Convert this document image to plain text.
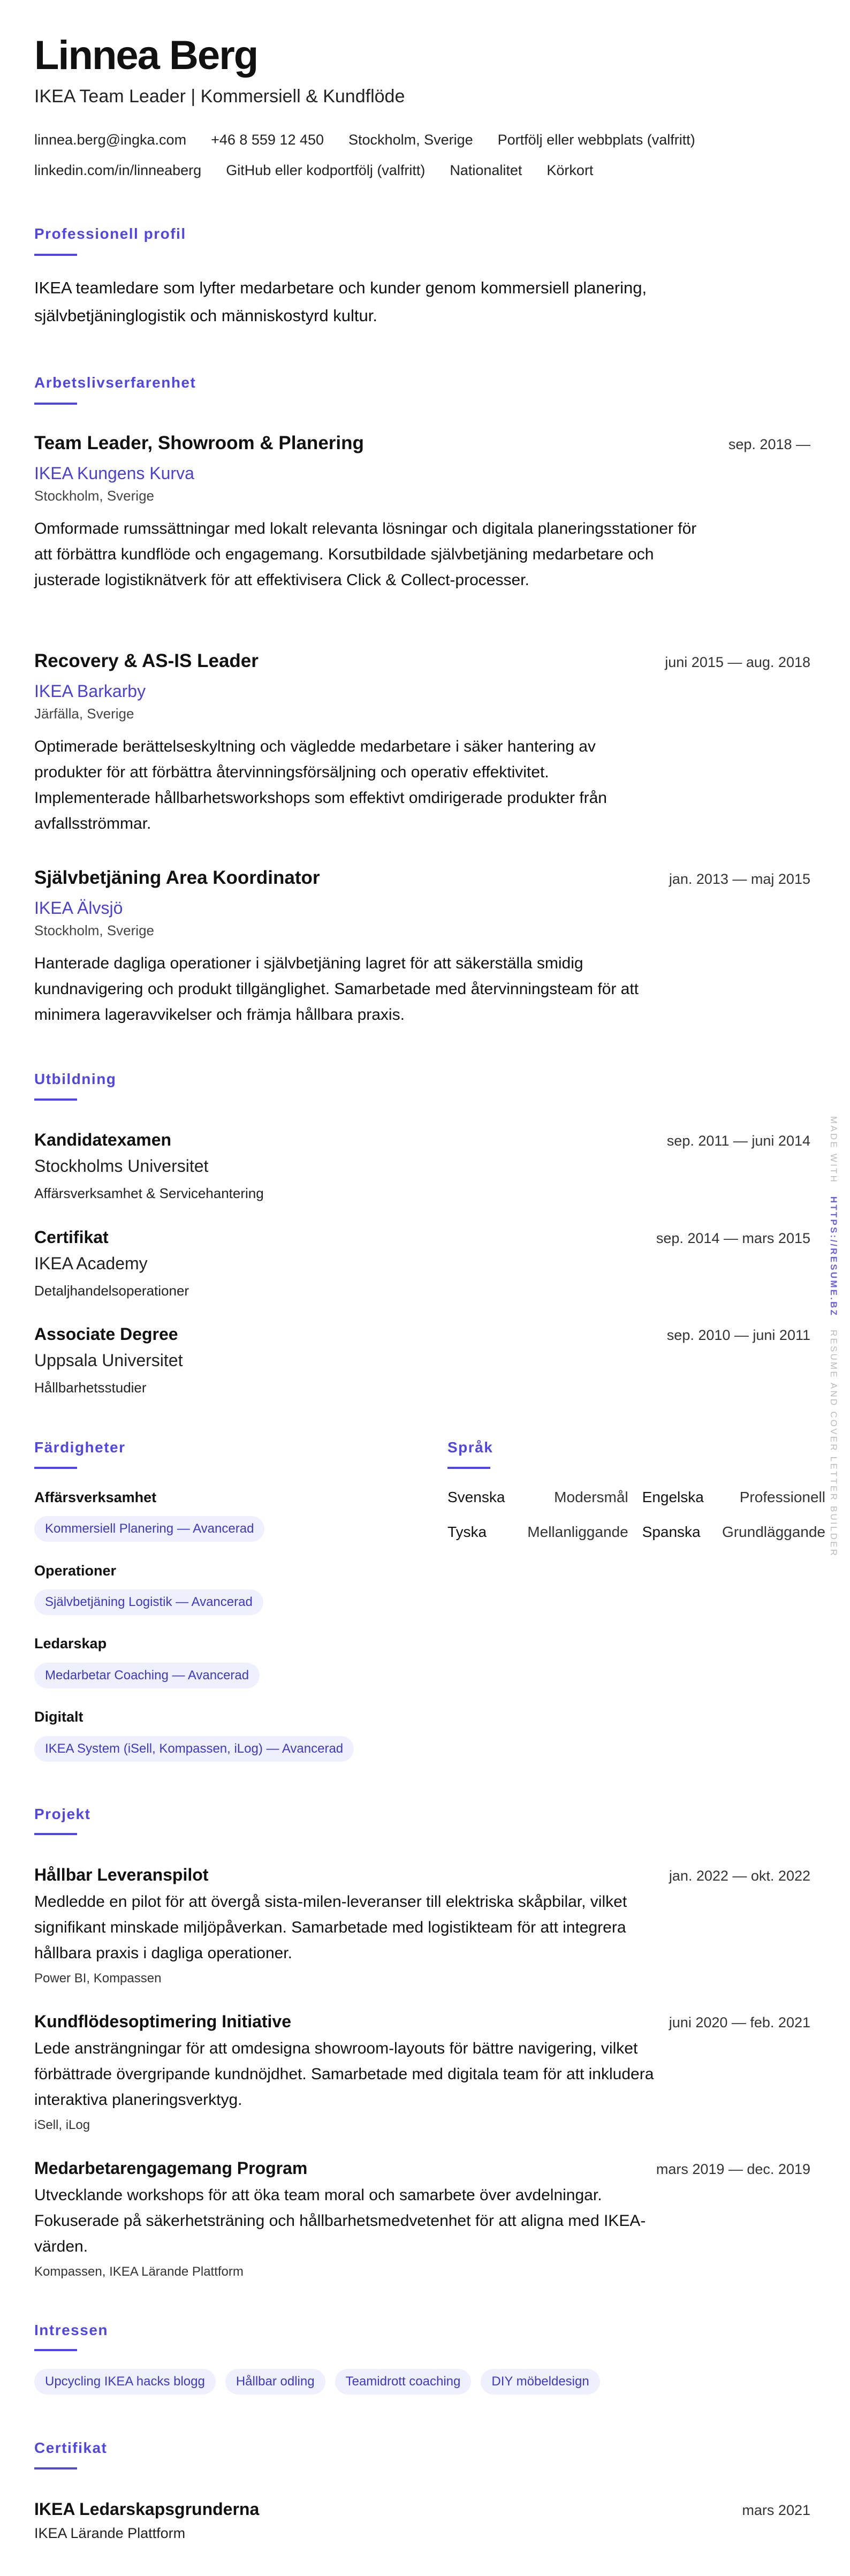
Linnea Berg
IKEA Team Leader | Kommersiell & Kundflöde
linnea.berg@ingka.com +46 8 559 12 450 Stockholm, Sverige Portfölj eller webbplats (valfritt)
linkedin.com/in/linneaberg GitHub eller kodportfölj (valfritt) Nationalitet Körkort
Professionell profil
IKEA teamledare som lyfter medarbetare och kunder genom kommersiell planering, självbetjäninglogistik och människostyrd kultur.
Arbetslivserfarenhet
Team Leader, Showroom & Planering	sep. 2018 —
IKEA Kungens Kurva
Stockholm, Sverige
Omformade rumssättningar med lokalt relevanta lösningar och digitala planeringsstationer för att förbättra kundflöde och engagemang. Korsutbildade självbetjäning medarbetare och justerade logistiknätverk för att effektivisera Click & Collect-processer.
Recovery & AS-IS Leader	juni 2015 — aug. 2018
IKEA Barkarby
Järfälla, Sverige
Optimerade berättelseskyltning och vägledde medarbetare i säker hantering av produkter för att förbättra återvinningsförsäljning och operativ effektivitet. Implementerade hållbarhetsworkshops som effektivt omdirigerade produkter från avfallsströmmar.
Självbetjäning Area Koordinator	jan. 2013 — maj 2015
IKEA Älvsjö
Stockholm, Sverige
Hanterade dagliga operationer i självbetjäning lagret för att säkerställa smidig kundnavigering och produkt tillgänglighet. Samarbetade med återvinningsteam för att minimera lageravvikelser och främja hållbara praxis.
Utbildning
Kandidatexamen	sep. 2011 — juni 2014
Stockholms Universitet
Affärsverksamhet & Servicehantering
Certifikat	sep. 2014 — mars 2015
IKEA Academy
Detaljhandelsoperationer
Associate Degree	sep. 2010 — juni 2011
Uppsala Universitet
Hållbarhetsstudier
Färdigheter
Affärsverksamhet
Kommersiell Planering — Avancerad
Operationer
Självbetjäning Logistik — Avancerad
Ledarskap
Medarbetar Coaching — Avancerad
Digitalt
IKEA System (iSell, Kompassen, iLog) — Avancerad
Språk
Svenska	Modersmål Engelska	Professionell
Tyska	Mellanliggande Spanska	Grundläggande
Projekt
Hållbar Leveranspilot	jan. 2022 — okt. 2022
Medledde en pilot för att övergå sista-milen-leveranser till elektriska skåpbilar, vilket signifikant minskade miljöpåverkan. Samarbetade med logistikteam för att integrera hållbara praxis i dagliga operationer.
Power BI, Kompassen
Kundflödesoptimering Initiative	juni 2020 — feb. 2021
Lede ansträngningar för att omdesigna showroom-layouts för bättre navigering, vilket förbättrade övergripande kundnöjdhet. Samarbetade med digitala team för att inkludera interaktiva planeringsverktyg.
iSell, iLog
Medarbetarengagemang Program	mars 2019 — dec. 2019
Utvecklande workshops för att öka team moral och samarbete över avdelningar. Fokuserade på säkerhetsträning och hållbarhetsmedvetenhet för att aligna med IKEA-värden.
Kompassen, IKEA Lärande Plattform
Intressen
Upcycling IKEA hacks blogg	Hållbar odling	Teamidrott coaching	DIY möbeldesign
Certifikat
IKEA Ledarskapsgrunderna	mars 2021
IKEA Lärande Plattform
MADE WITH   HTTPS://RESUME.BZ   RESUME AND COVER LETTER BUILDER
